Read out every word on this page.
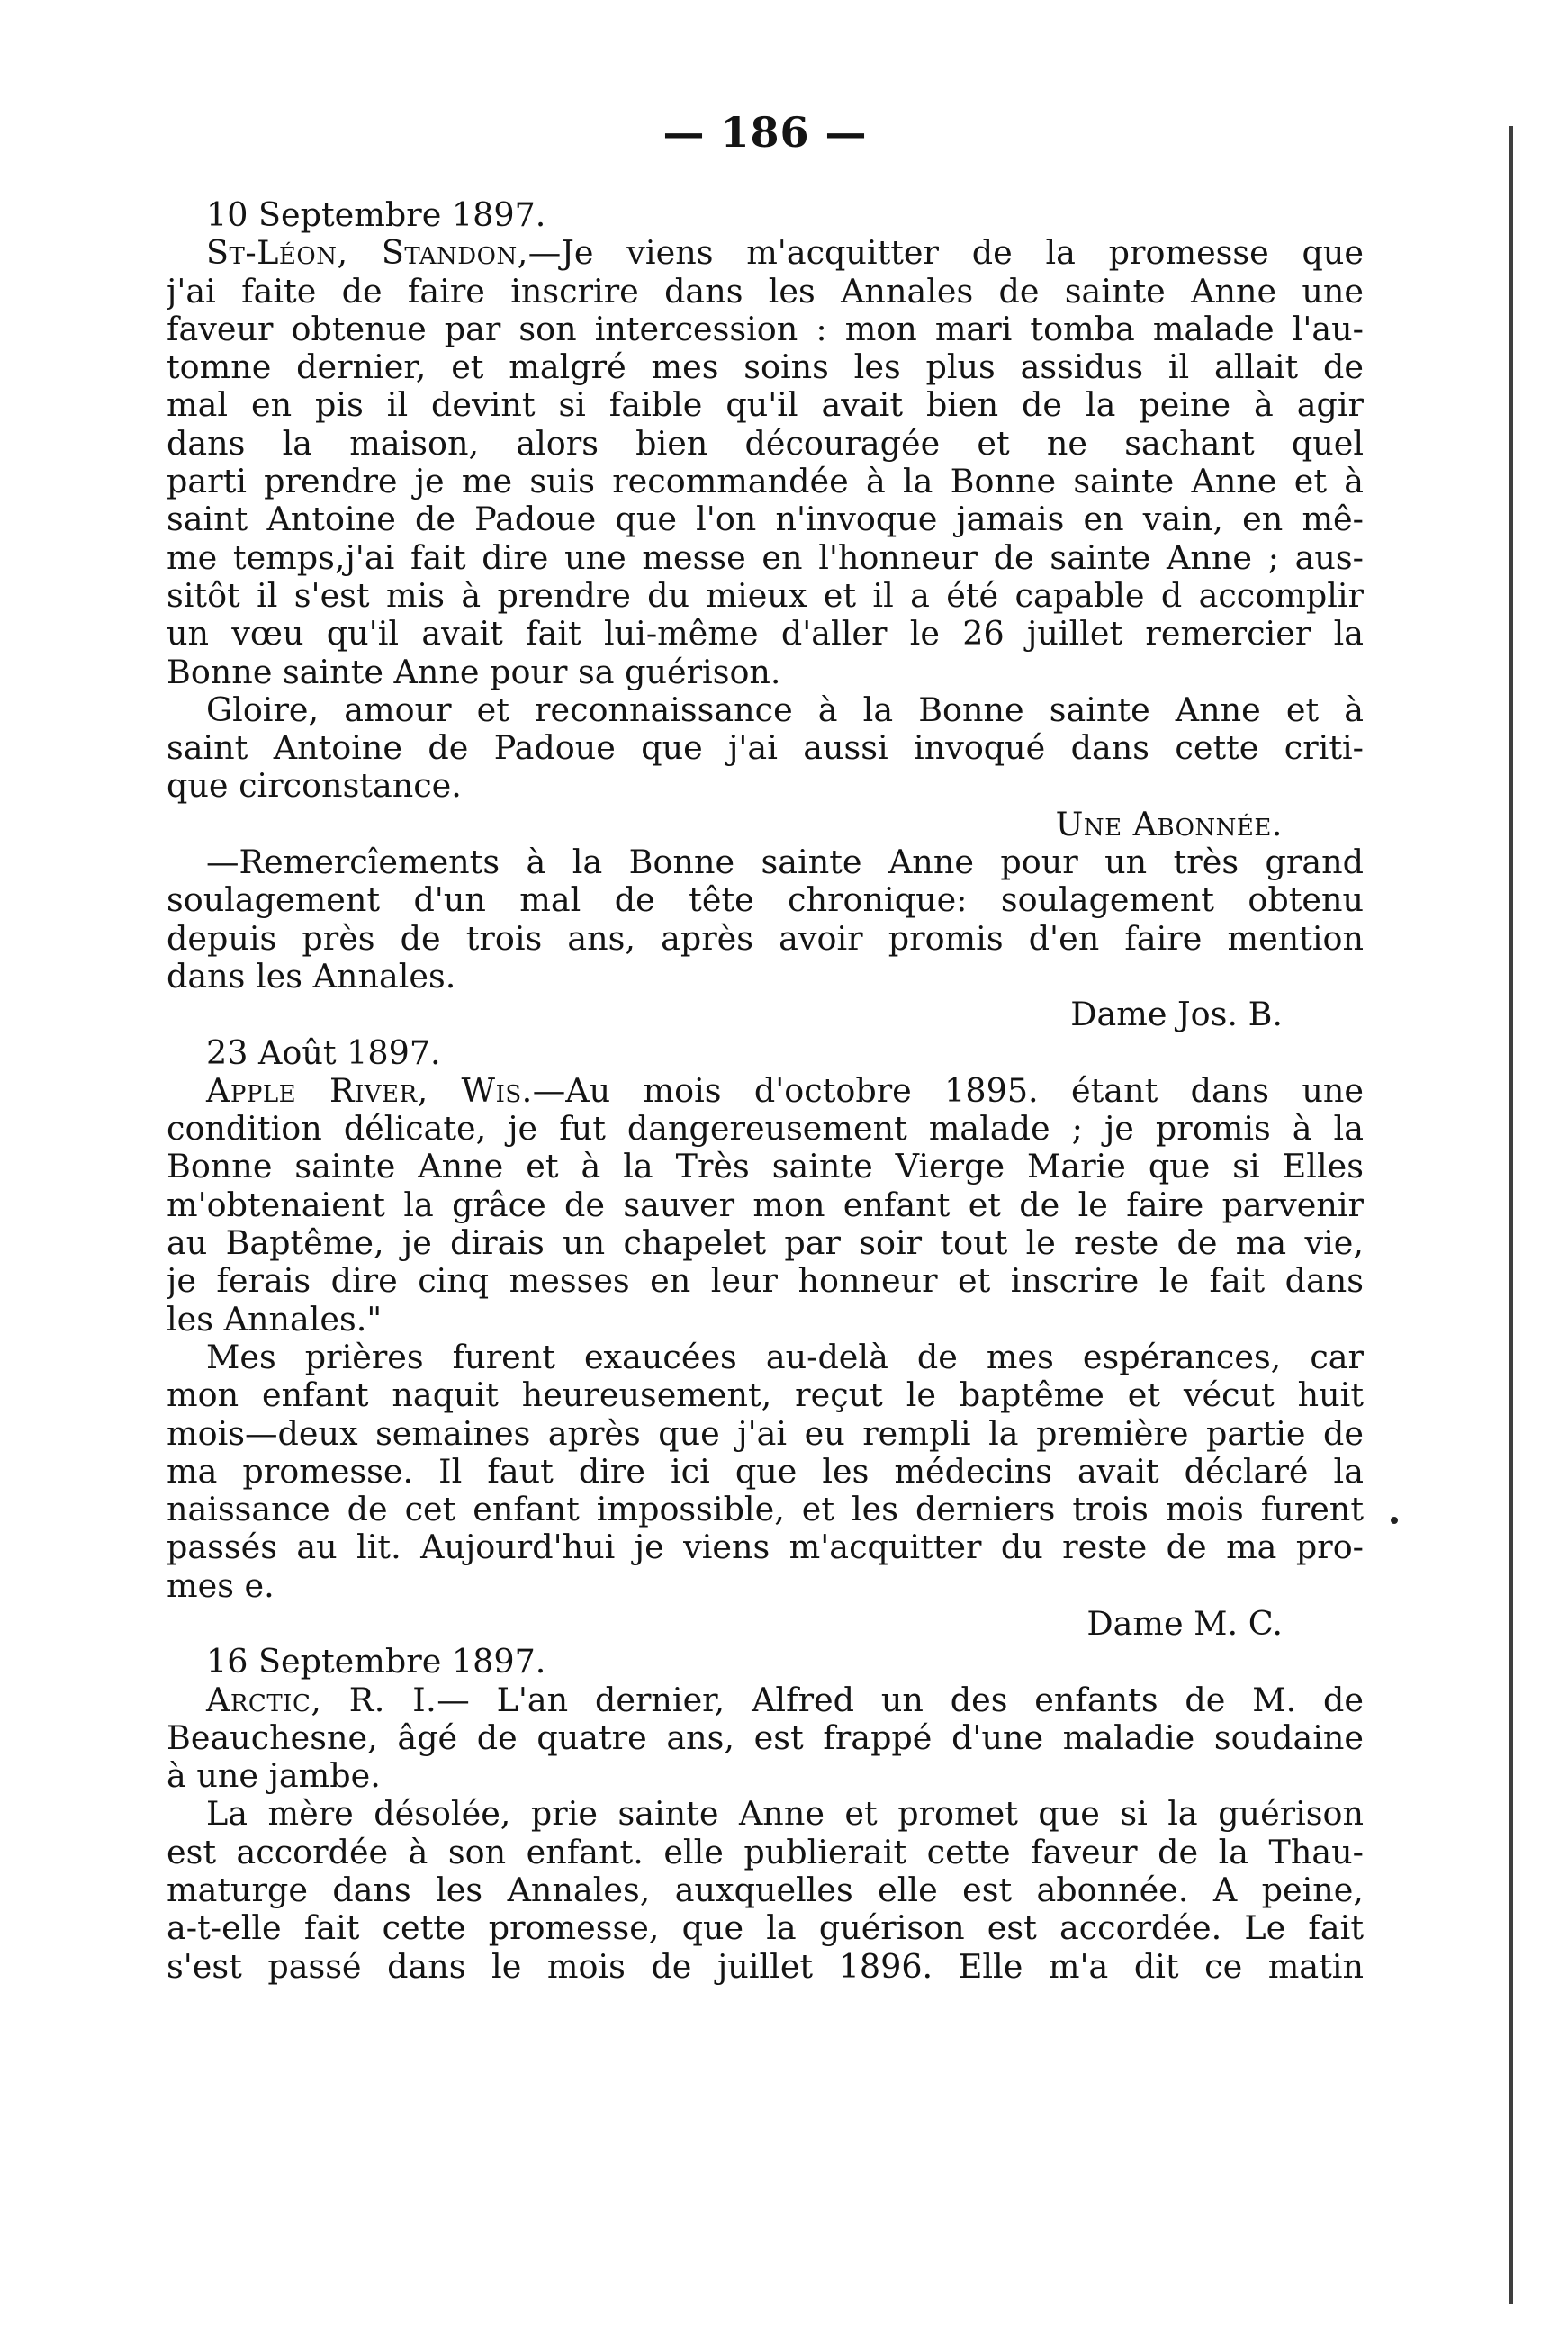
— 186 —
10 Septembre 1897.
St-Léon, Standon,—Je viens m'acquitter de la promesse que
j'ai faite de faire inscrire dans les Annales de sainte Anne une
faveur obtenue par son intercession : mon mari tomba malade l'au-
tomne dernier, et malgré mes soins les plus assidus il allait de
mal en pis il devint si faible qu'il avait bien de la peine à agir
dans la maison, alors bien découragée et ne sachant quel
parti prendre je me suis recommandée à la Bonne sainte Anne et à
saint Antoine de Padoue que l'on n'invoque jamais en vain, en mê-
me temps,j'ai fait dire une messe en l'honneur de sainte Anne ; aus-
sitôt il s'est mis à prendre du mieux et il a été capable d accomplir
un vœu qu'il avait fait lui-même d'aller le 26 juillet remercier la
Bonne sainte Anne pour sa guérison.
Gloire, amour et reconnaissance à la Bonne sainte Anne et à
saint Antoine de Padoue que j'ai aussi invoqué dans cette criti-
que circonstance.
Une Abonnée.
—Remercîements à la Bonne sainte Anne pour un très grand
soulagement d'un mal de tête chronique: soulagement obtenu
depuis près de trois ans, après avoir promis d'en faire mention
dans les Annales.
Dame Jos. B.
23 Août 1897.
Apple River, Wis.—Au mois d'octobre 1895. étant dans une
condition délicate, je fut dangereusement malade ; je promis à la
Bonne sainte Anne et à la Très sainte Vierge Marie que si Elles
m'obtenaient la grâce de sauver mon enfant et de le faire parvenir
au Baptême, je dirais un chapelet par soir tout le reste de ma vie,
je ferais dire cinq messes en leur honneur et inscrire le fait dans
les Annales."
Mes prières furent exaucées au-delà de mes espérances, car
mon enfant naquit heureusement, reçut le baptême et vécut huit
mois—deux semaines après que j'ai eu rempli la première partie de
ma promesse. Il faut dire ici que les médecins avait déclaré la
naissance de cet enfant impossible, et les derniers trois mois furent
passés au lit. Aujourd'hui je viens m'acquitter du reste de ma pro-
mes e.
Dame M. C.
16 Septembre 1897.
Arctic, R. I.— L'an dernier, Alfred un des enfants de M. de
Beauchesne, âgé de quatre ans, est frappé d'une maladie soudaine
à une jambe.
La mère désolée, prie sainte Anne et promet que si la guérison
est accordée à son enfant. elle publierait cette faveur de la Thau-
maturge dans les Annales, auxquelles elle est abonnée. A peine,
a-t-elle fait cette promesse, que la guérison est accordée. Le fait
s'est passé dans le mois de juillet 1896. Elle m'a dit ce matin
